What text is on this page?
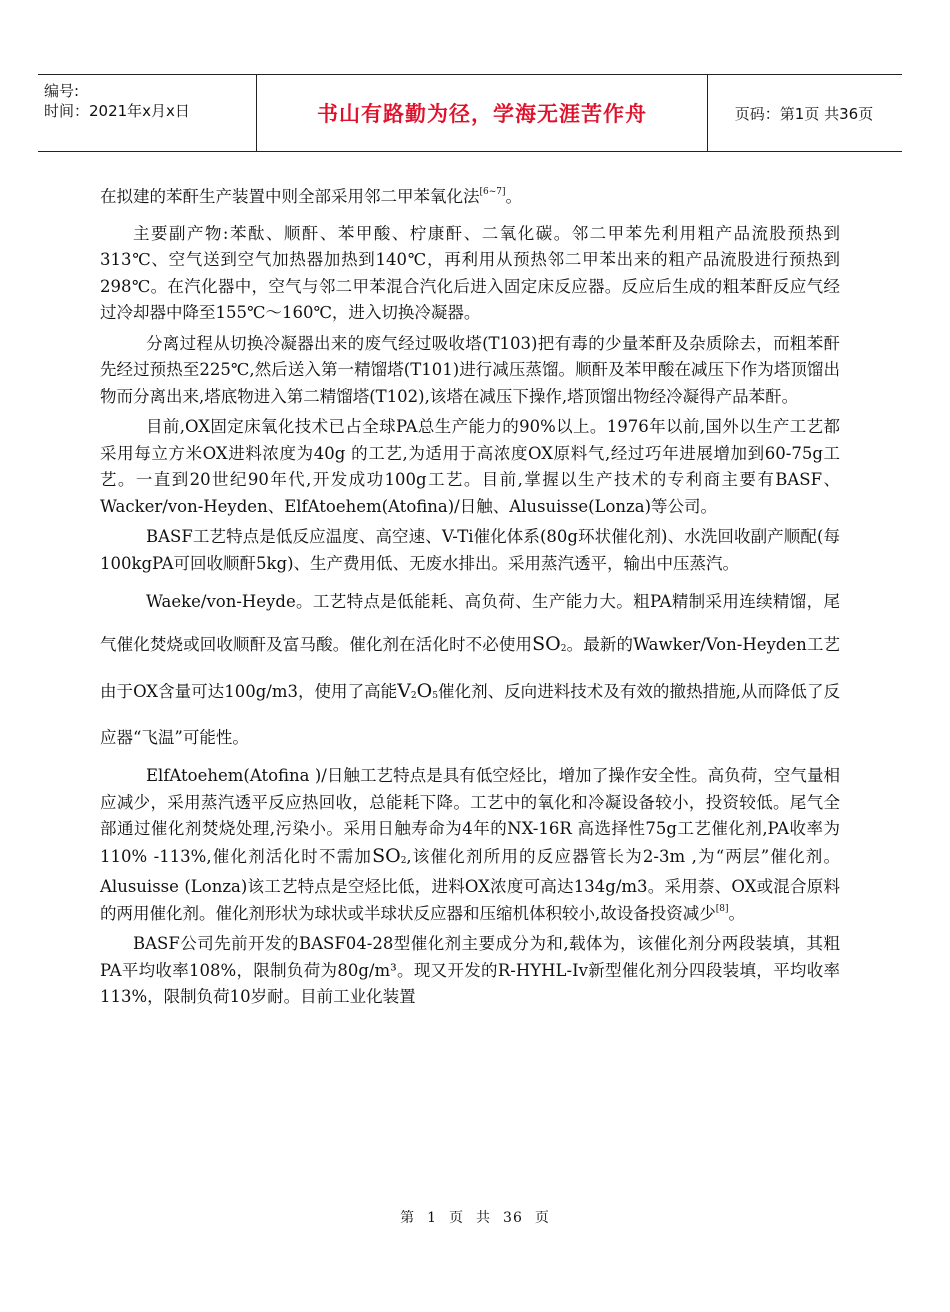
编号:
时间：2021年x月x日	书山有路勤为径，学海无涯苦作舟	页码：第1页 共36页

在拟建的苯酐生产装置中则全部采用邻二甲苯氧化法[6~7]。

主要副产物:苯酞、顺酐、苯甲酸、柠康酐、二氧化碳。邻二甲苯先利用粗产品流股预热到313℃、空气送到空气加热器加热到140℃，再利用从预热邻二甲苯出来的粗产品流股进行预热到298℃。在汽化器中，空气与邻二甲苯混合汽化后进入固定床反应器。反应后生成的粗苯酐反应气经过冷却器中降至155℃～160℃，进入切换冷凝器。

分离过程从切换冷凝器出来的废气经过吸收塔(T103)把有毒的少量苯酐及杂质除去，而粗苯酐先经过预热至225℃,然后送入第一精馏塔(T101)进行减压蒸馏。顺酐及苯甲酸在减压下作为塔顶馏出物而分离出来,塔底物进入第二精馏塔(T102),该塔在减压下操作,塔顶馏出物经冷凝得产品苯酐。

目前,OX固定床氧化技术已占全球PA总生产能力的90%以上。1976年以前,国外以生产工艺都采用每立方米OX进料浓度为40g 的工艺,为适用于高浓度OX原料气,经过巧年进展增加到60-75g工艺。一直到20世纪90年代,开发成功100g工艺。目前,掌握以生产技术的专利商主要有BASF、Wacker/von-Heyden、ElfAtoehem(Atofina)/日触、Alusuisse(Lonza)等公司。

BASF工艺特点是低反应温度、高空速、V-Ti催化体系(80g环状催化剂)、水洗回收副产顺配(每100kgPA可回收顺酐5kg)、生产费用低、无废水排出。采用蒸汽透平，输出中压蒸汽。

Waeke/von-Heyde。工艺特点是低能耗、高负荷、生产能力大。粗PA精制采用连续精馏，尾气催化焚烧或回收顺酐及富马酸。催化剂在活化时不必使用$SO_2$。最新的Wawker/Von-Heyden工艺由于OX含量可达100g/m3，使用了高能$V_2O_5$催化剂、反向进料技术及有效的撤热措施,从而降低了反应器“飞温”可能性。

ElfAtoehem(Atofina )/日触工艺特点是具有低空烃比，增加了操作安全性。高负荷，空气量相应减少，采用蒸汽透平反应热回收，总能耗下降。工艺中的氧化和冷凝设备较小，投资较低。尾气全部通过催化剂焚烧处理,污染小。采用日触寿命为4年的NX-16R 高选择性75g工艺催化剂,PA收率为110% -113%,催化剂活化时不需加$SO_2$,该催化剂所用的反应器管长为2-3m ,为“两层”催化剂。Alusuisse (Lonza)该工艺特点是空烃比低，进料OX浓度可高达134g/m3。采用萘、OX或混合原料的两用催化剂。催化剂形状为球状或半球状反应器和压缩机体积较小,故设备投资减少[8]。

BASF公司先前开发的BASF04-28型催化剂主要成分为和,载体为，该催化剂分两段装填，其粗PA平均收率108%，限制负荷为80g/m³。现又开发的R-HYHL-Iv新型催化剂分四段装填，平均收率113%，限制负荷10岁耐。目前工业化装置

第 1 页 共 36 页
